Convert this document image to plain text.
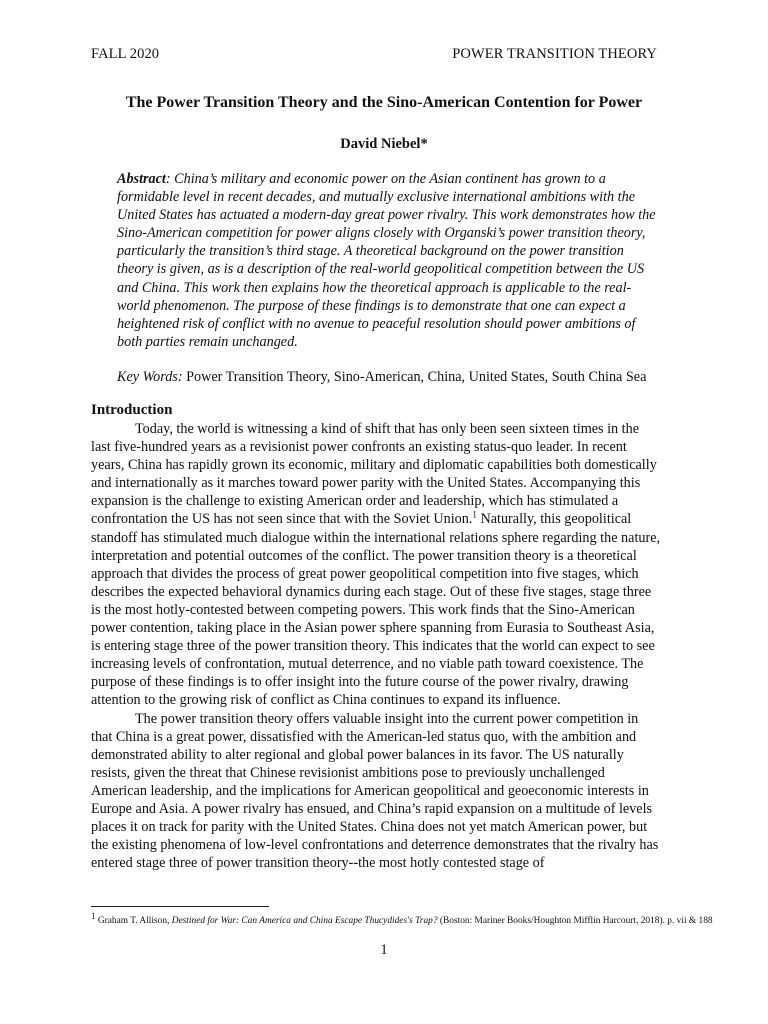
FALL 2020	POWER TRANSITION THEORY
The Power Transition Theory and the Sino-American Contention for Power
David Niebel*
Abstract: China’s military and economic power on the Asian continent has grown to a formidable level in recent decades, and mutually exclusive international ambitions with the United States has actuated a modern-day great power rivalry. This work demonstrates how the Sino-American competition for power aligns closely with Organski’s power transition theory, particularly the transition’s third stage. A theoretical background on the power transition theory is given, as is a description of the real-world geopolitical competition between the US and China. This work then explains how the theoretical approach is applicable to the real-world phenomenon. The purpose of these findings is to demonstrate that one can expect a heightened risk of conflict with no avenue to peaceful resolution should power ambitions of both parties remain unchanged.
Key Words: Power Transition Theory, Sino-American, China, United States, South China Sea
Introduction

Today, the world is witnessing a kind of shift that has only been seen sixteen times in the last five-hundred years as a revisionist power confronts an existing status-quo leader. In recent years, China has rapidly grown its economic, military and diplomatic capabilities both domestically and internationally as it marches toward power parity with the United States. Accompanying this expansion is the challenge to existing American order and leadership, which has stimulated a confrontation the US has not seen since that with the Soviet Union.$^1$ Naturally, this geopolitical standoff has stimulated much dialogue within the international relations sphere regarding the nature, interpretation and potential outcomes of the conflict. The power transition theory is a theoretical approach that divides the process of great power geopolitical competition into five stages, which describes the expected behavioral dynamics during each stage. Out of these five stages, stage three is the most hotly-contested between competing powers. This work finds that the Sino-American power contention, taking place in the Asian power sphere spanning from Eurasia to Southeast Asia, is entering stage three of the power transition theory. This indicates that the world can expect to see increasing levels of confrontation, mutual deterrence, and no viable path toward coexistence. The purpose of these findings is to offer insight into the future course of the power rivalry, drawing attention to the growing risk of conflict as China continues to expand its influence.

The power transition theory offers valuable insight into the current power competition in that China is a great power, dissatisfied with the American-led status quo, with the ambition and demonstrated ability to alter regional and global power balances in its favor. The US naturally resists, given the threat that Chinese revisionist ambitions pose to previously unchallenged American leadership, and the implications for American geopolitical and geoeconomic interests in Europe and Asia. A power rivalry has ensued, and China’s rapid expansion on a multitude of levels places it on track for parity with the United States. China does not yet match American power, but the existing phenomena of low-level confrontations and deterrence demonstrates that the rivalry has entered stage three of power transition theory--the most hotly contested stage of

$^1$ Graham T. Allison, Destined for War: Can America and China Escape Thucydides's Trap? (Boston: Mariner Books/Houghton Mifflin Harcourt, 2018). p. vii & 188
1
